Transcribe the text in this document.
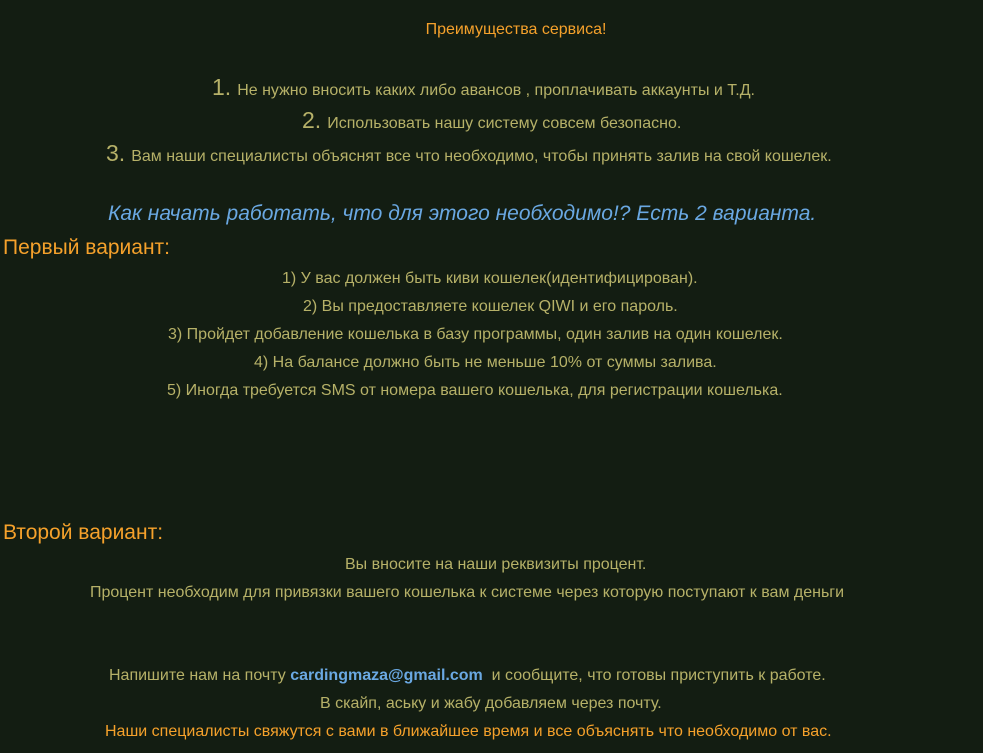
Преимущества сервиса!
1. Не нужно вносить каких либо авансов , проплачивать аккаунты и Т.Д.
2. Использовать нашу систему совсем безопасно.
3. Вам наши специалисты объяснят все что необходимо, чтобы принять залив на свой кошелек.
Как начать работать, что для этого необходимо!? Есть 2 варианта.
Первый вариант:
1) У вас должен быть киви кошелек(идентифицирован).
2) Вы предоставляете кошелек QIWI и его пароль.
3) Пройдет добавление кошелька в базу программы, один залив на один кошелек.
4) На балансе должно быть не меньше 10% от суммы залива.
5) Иногда требуется SMS от номера вашего кошелька, для регистрации кошелька.
Второй вариант:
Вы вносите на наши реквизиты процент.
Процент необходим для привязки вашего кошелька к системе через которую поступают к вам деньги
Напишите нам на почту cardingmaza@gmail.com и сообщите, что готовы приступить к работе.
В скайп, аську и жабу добавляем через почту.
Наши специалисты свяжутся с вами в ближайшее время и все объяснять что необходимо от вас.
